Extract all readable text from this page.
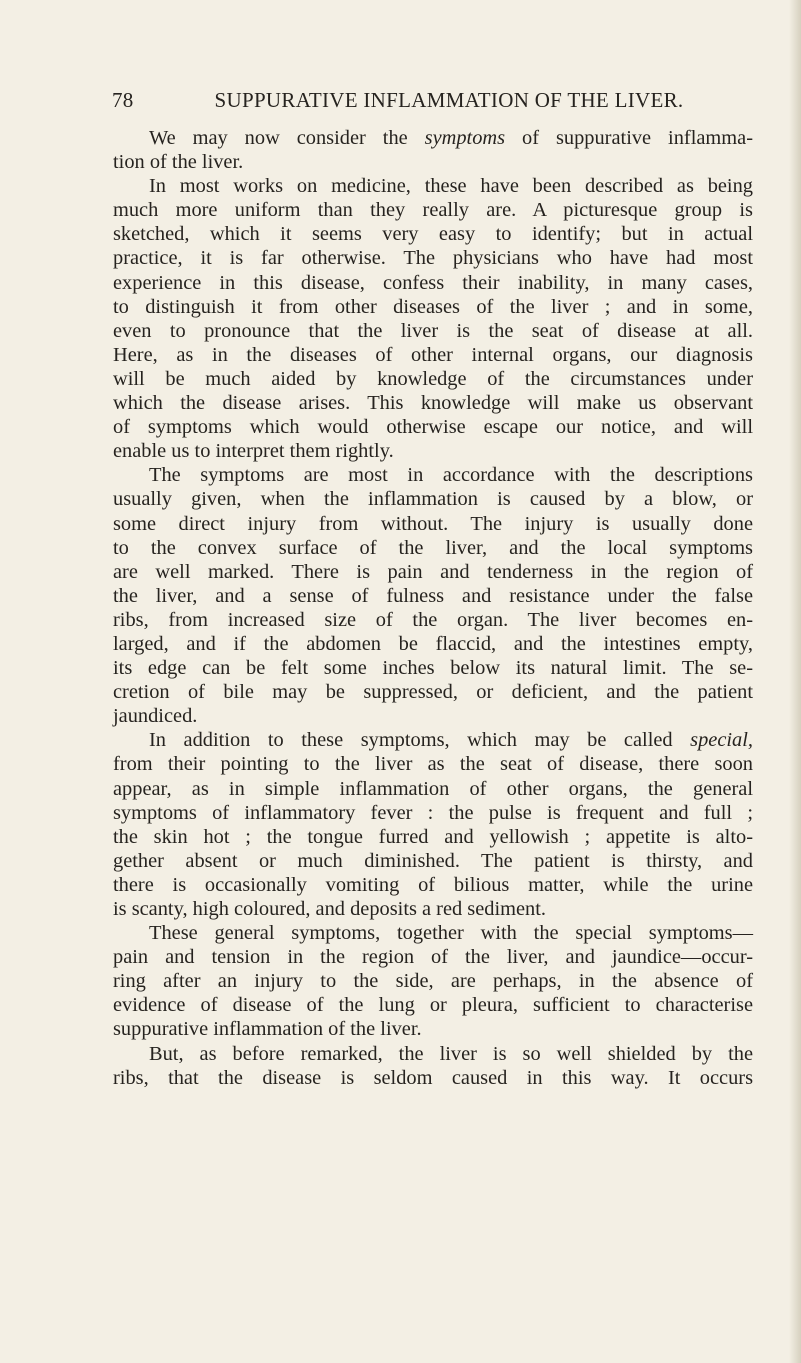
78	SUPPURATIVE INFLAMMATION OF THE LIVER.
We may now consider the symptoms of suppurative inflamma-
tion of the liver.
In most works on medicine, these have been described as being
much more uniform than they really are. A picturesque group is
sketched, which it seems very easy to identify; but in actual
practice, it is far otherwise. The physicians who have had most
experience in this disease, confess their inability, in many cases,
to distinguish it from other diseases of the liver ; and in some,
even to pronounce that the liver is the seat of disease at all.
Here, as in the diseases of other internal organs, our diagnosis
will be much aided by knowledge of the circumstances under
which the disease arises. This knowledge will make us observant
of symptoms which would otherwise escape our notice, and will
enable us to interpret them rightly.
The symptoms are most in accordance with the descriptions
usually given, when the inflammation is caused by a blow, or
some direct injury from without. The injury is usually done
to the convex surface of the liver, and the local symptoms
are well marked. There is pain and tenderness in the region of
the liver, and a sense of fulness and resistance under the false
ribs, from increased size of the organ. The liver becomes en-
larged, and if the abdomen be flaccid, and the intestines empty,
its edge can be felt some inches below its natural limit. The se-
cretion of bile may be suppressed, or deficient, and the patient
jaundiced.
In addition to these symptoms, which may be called special,
from their pointing to the liver as the seat of disease, there soon
appear, as in simple inflammation of other organs, the general
symptoms of inflammatory fever : the pulse is frequent and full ;
the skin hot ; the tongue furred and yellowish ; appetite is alto-
gether absent or much diminished. The patient is thirsty, and
there is occasionally vomiting of bilious matter, while the urine
is scanty, high coloured, and deposits a red sediment.
These general symptoms, together with the special symptoms—
pain and tension in the region of the liver, and jaundice—occur-
ring after an injury to the side, are perhaps, in the absence of
evidence of disease of the lung or pleura, sufficient to characterise
suppurative inflammation of the liver.
But, as before remarked, the liver is so well shielded by the
ribs, that the disease is seldom caused in this way. It occurs
